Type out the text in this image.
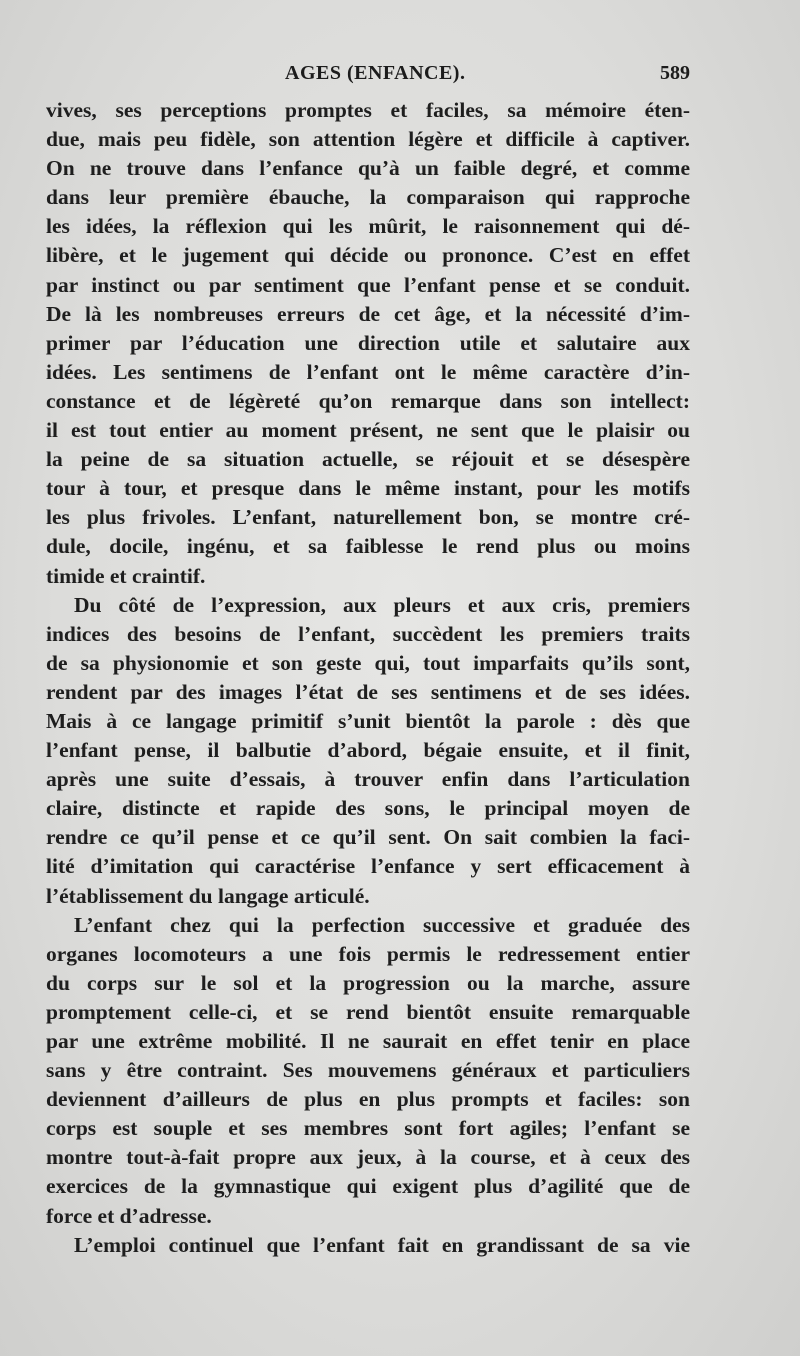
AGES (ENFANCE).	589
vives, ses perceptions promptes et faciles, sa mémoire éten-
due, mais peu fidèle, son attention légère et difficile à captiver.
On ne trouve dans l’enfance qu’à un faible degré, et comme
dans leur première ébauche, la comparaison qui rapproche
les idées, la réflexion qui les mûrit, le raisonnement qui dé-
libère, et le jugement qui décide ou prononce. C’est en effet
par instinct ou par sentiment que l’enfant pense et se conduit.
De là les nombreuses erreurs de cet âge, et la nécessité d’im-
primer par l’éducation une direction utile et salutaire aux
idées. Les sentimens de l’enfant ont le même caractère d’in-
constance et de légèreté qu’on remarque dans son intellect:
il est tout entier au moment présent, ne sent que le plaisir ou
la peine de sa situation actuelle, se réjouit et se désespère
tour à tour, et presque dans le même instant, pour les motifs
les plus frivoles. L’enfant, naturellement bon, se montre cré-
dule, docile, ingénu, et sa faiblesse le rend plus ou moins
timide et craintif.
Du côté de l’expression, aux pleurs et aux cris, premiers
indices des besoins de l’enfant, succèdent les premiers traits
de sa physionomie et son geste qui, tout imparfaits qu’ils sont,
rendent par des images l’état de ses sentimens et de ses idées.
Mais à ce langage primitif s’unit bientôt la parole : dès que
l’enfant pense, il balbutie d’abord, bégaie ensuite, et il finit,
après une suite d’essais, à trouver enfin dans l’articulation
claire, distincte et rapide des sons, le principal moyen de
rendre ce qu’il pense et ce qu’il sent. On sait combien la faci-
lité d’imitation qui caractérise l’enfance y sert efficacement à
l’établissement du langage articulé.
L’enfant chez qui la perfection successive et graduée des
organes locomoteurs a une fois permis le redressement entier
du corps sur le sol et la progression ou la marche, assure
promptement celle-ci, et se rend bientôt ensuite remarquable
par une extrême mobilité. Il ne saurait en effet tenir en place
sans y être contraint. Ses mouvemens généraux et particuliers
deviennent d’ailleurs de plus en plus prompts et faciles: son
corps est souple et ses membres sont fort agiles; l’enfant se
montre tout-à-fait propre aux jeux, à la course, et à ceux des
exercices de la gymnastique qui exigent plus d’agilité que de
force et d’adresse.
L’emploi continuel que l’enfant fait en grandissant de sa vie
